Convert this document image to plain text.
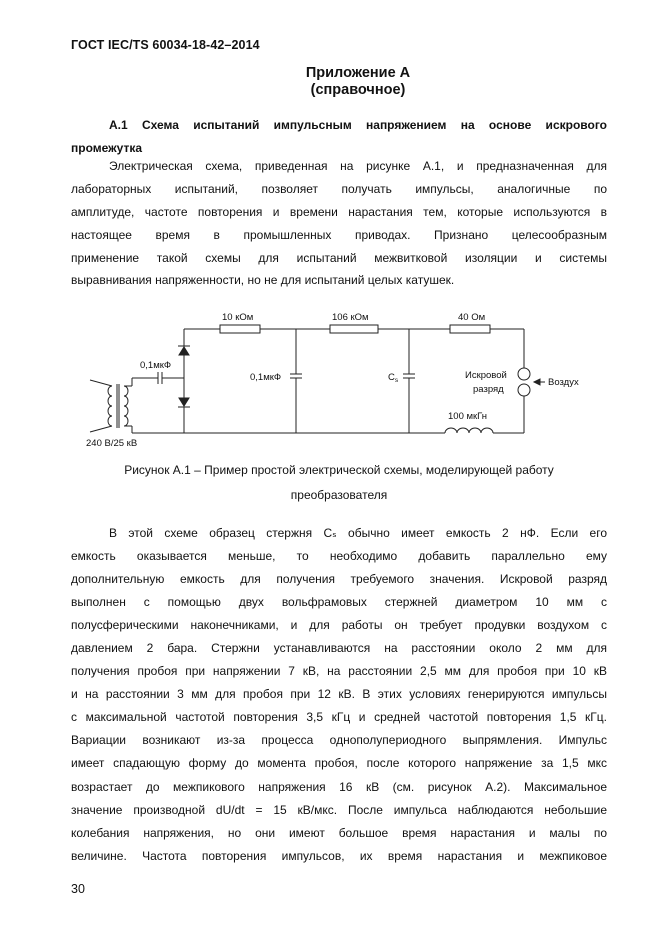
ГОСТ IEC/TS 60034-18-42–2014
Приложение А
(справочное)
А.1 Схема испытаний импульсным напряжением на основе искрового
промежутка
Электрическая схема, приведенная на рисунке А.1, и предназначенная для
лабораторных испытаний, позволяет получать импульсы, аналогичные по
амплитуде, частоте повторения и времени нарастания тем, которые используются в
настоящее время в промышленных приводах. Признано целесообразным
применение такой схемы для испытаний межвитковой изоляции и системы
выравнивания напряженности, но не для испытаний целых катушек.
10 кОм	106 кОм	40 Ом
0,1мкФ
0,1мкФ	$C_s$	Искровой
разряд
Воздух
100 мкГн
240 В/25 кВ
Рисунок А.1 – Пример простой электрической схемы, моделирующей работу
преобразователя
В этой схеме образец стержня Cₛ обычно имеет емкость 2 нФ. Если его
емкость оказывается меньше, то необходимо добавить параллельно ему
дополнительную емкость для получения требуемого значения. Искровой разряд
выполнен с помощью двух вольфрамовых стержней диаметром 10 мм с
полусферическими наконечниками, и для работы он требует продувки воздухом с
давлением 2 бара. Стержни устанавливаются на расстоянии около 2 мм для
получения пробоя при напряжении 7 кВ, на расстоянии 2,5 мм для пробоя при 10 кВ
и на расстоянии 3 мм для пробоя при 12 кВ. В этих условиях генерируются импульсы
с максимальной частотой повторения 3,5 кГц и средней частотой повторения 1,5 кГц.
Вариации возникают из-за процесса однополупериодного выпрямления. Импульс
имеет спадающую форму до момента пробоя, после которого напряжение за 1,5 мкс
возрастает до межпикового напряжения 16 кВ (см. рисунок А.2). Максимальное
значение производной dU/dt = 15 кВ/мкс. После импульса наблюдаются небольшие
колебания напряжения, но они имеют большое время нарастания и малы по
величине. Частота повторения импульсов, их время нарастания и межпиковое
30
